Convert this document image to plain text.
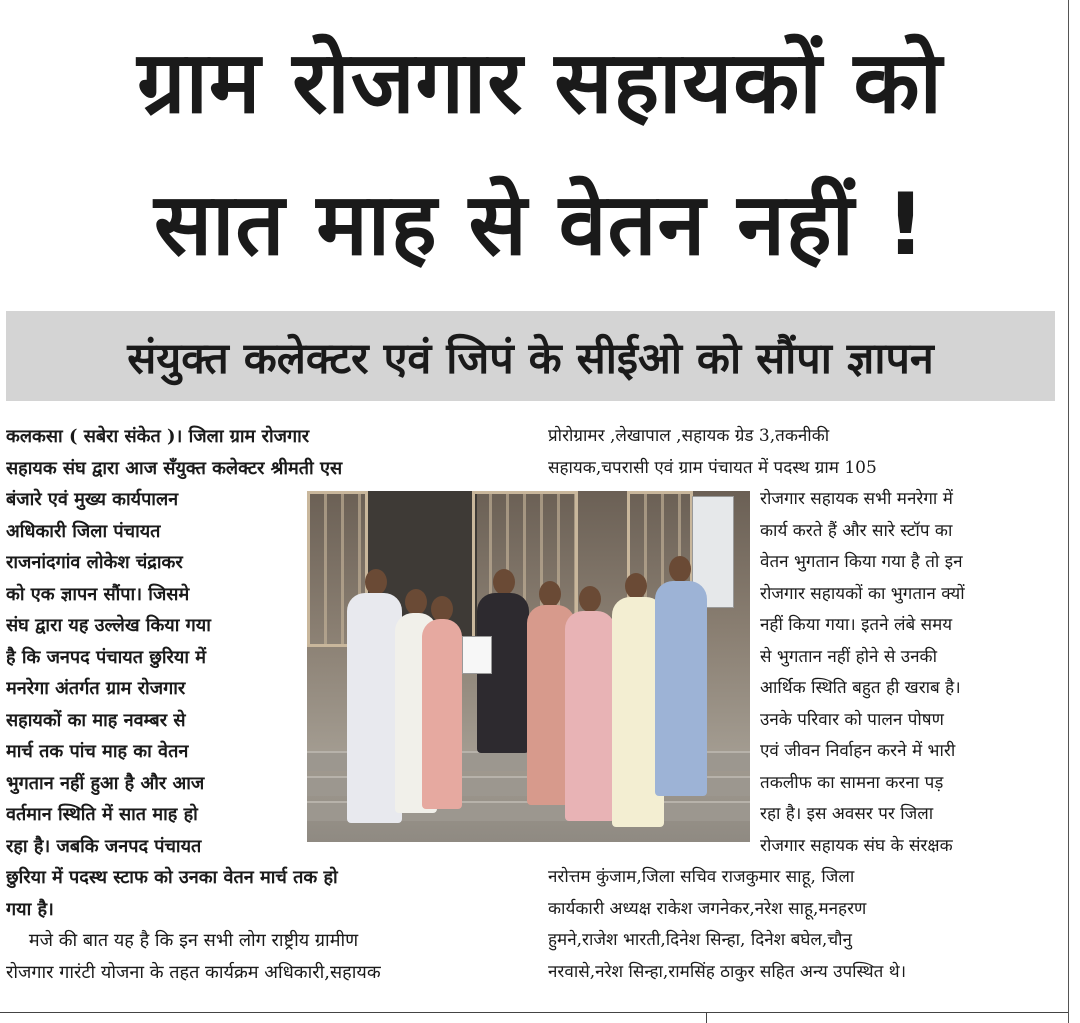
ग्राम रोजगार सहायकों को
सात माह से वेतन नहीं !
संयुक्त कलेक्टर एवं जिपं के सीईओ को सौंपा ज्ञापन
कलकसा ( सबेरा संकेत )। जिला ग्राम रोजगार
सहायक संघ द्वारा आज सँयुक्त कलेक्टर श्रीमती एस
बंजारे एवं मुख्य कार्यपालन
अधिकारी जिला पंचायत
राजनांदगांव लोकेश चंद्राकर
को एक ज्ञापन सौंपा। जिसमे
संघ द्वारा यह उल्लेख किया गया
है कि जनपद पंचायत छुरिया में
मनरेगा अंतर्गत ग्राम रोजगार
सहायकों का माह नवम्बर से
मार्च तक पांच माह का वेतन
भुगतान नहीं हुआ है और आज
वर्तमान स्थिति में सात माह हो
रहा है। जबकि जनपद पंचायत
छुरिया में पदस्थ स्टाफ को उनका वेतन मार्च तक हो
गया है।
मजे की बात यह है कि इन सभी लोग राष्ट्रीय ग्रामीण
रोजगार गारंटी योजना के तहत कार्यक्रम अधिकारी,सहायक
प्रोरोग्रामर ,लेखापाल ,सहायक ग्रेड 3,तकनीकी
सहायक,चपरासी एवं ग्राम पंचायत में पदस्थ ग्राम 105
रोजगार सहायक सभी मनरेगा में
कार्य करते हैं और सारे स्टॉप का
वेतन भुगतान किया गया है तो इन
रोजगार सहायकों का भुगतान क्यों
नहीं किया गया। इतने लंबे समय
से भुगतान नहीं होने से उनकी
आर्थिक स्थिति बहुत ही खराब है।
उनके परिवार को पालन पोषण
एवं जीवन निर्वाहन करने में भारी
तकलीफ का सामना करना पड़
रहा है। इस अवसर पर जिला
रोजगार सहायक संघ के संरक्षक
नरोत्तम कुंजाम,जिला सचिव राजकुमार साहू, जिला
कार्यकारी अध्यक्ष राकेश जगनेकर,नरेश साहू,मनहरण
हुमने,राजेश भारती,दिनेश सिन्हा, दिनेश बघेल,चौनु
नरवासे,नरेश सिन्हा,रामसिंह ठाकुर सहित अन्य उपस्थित थे।
